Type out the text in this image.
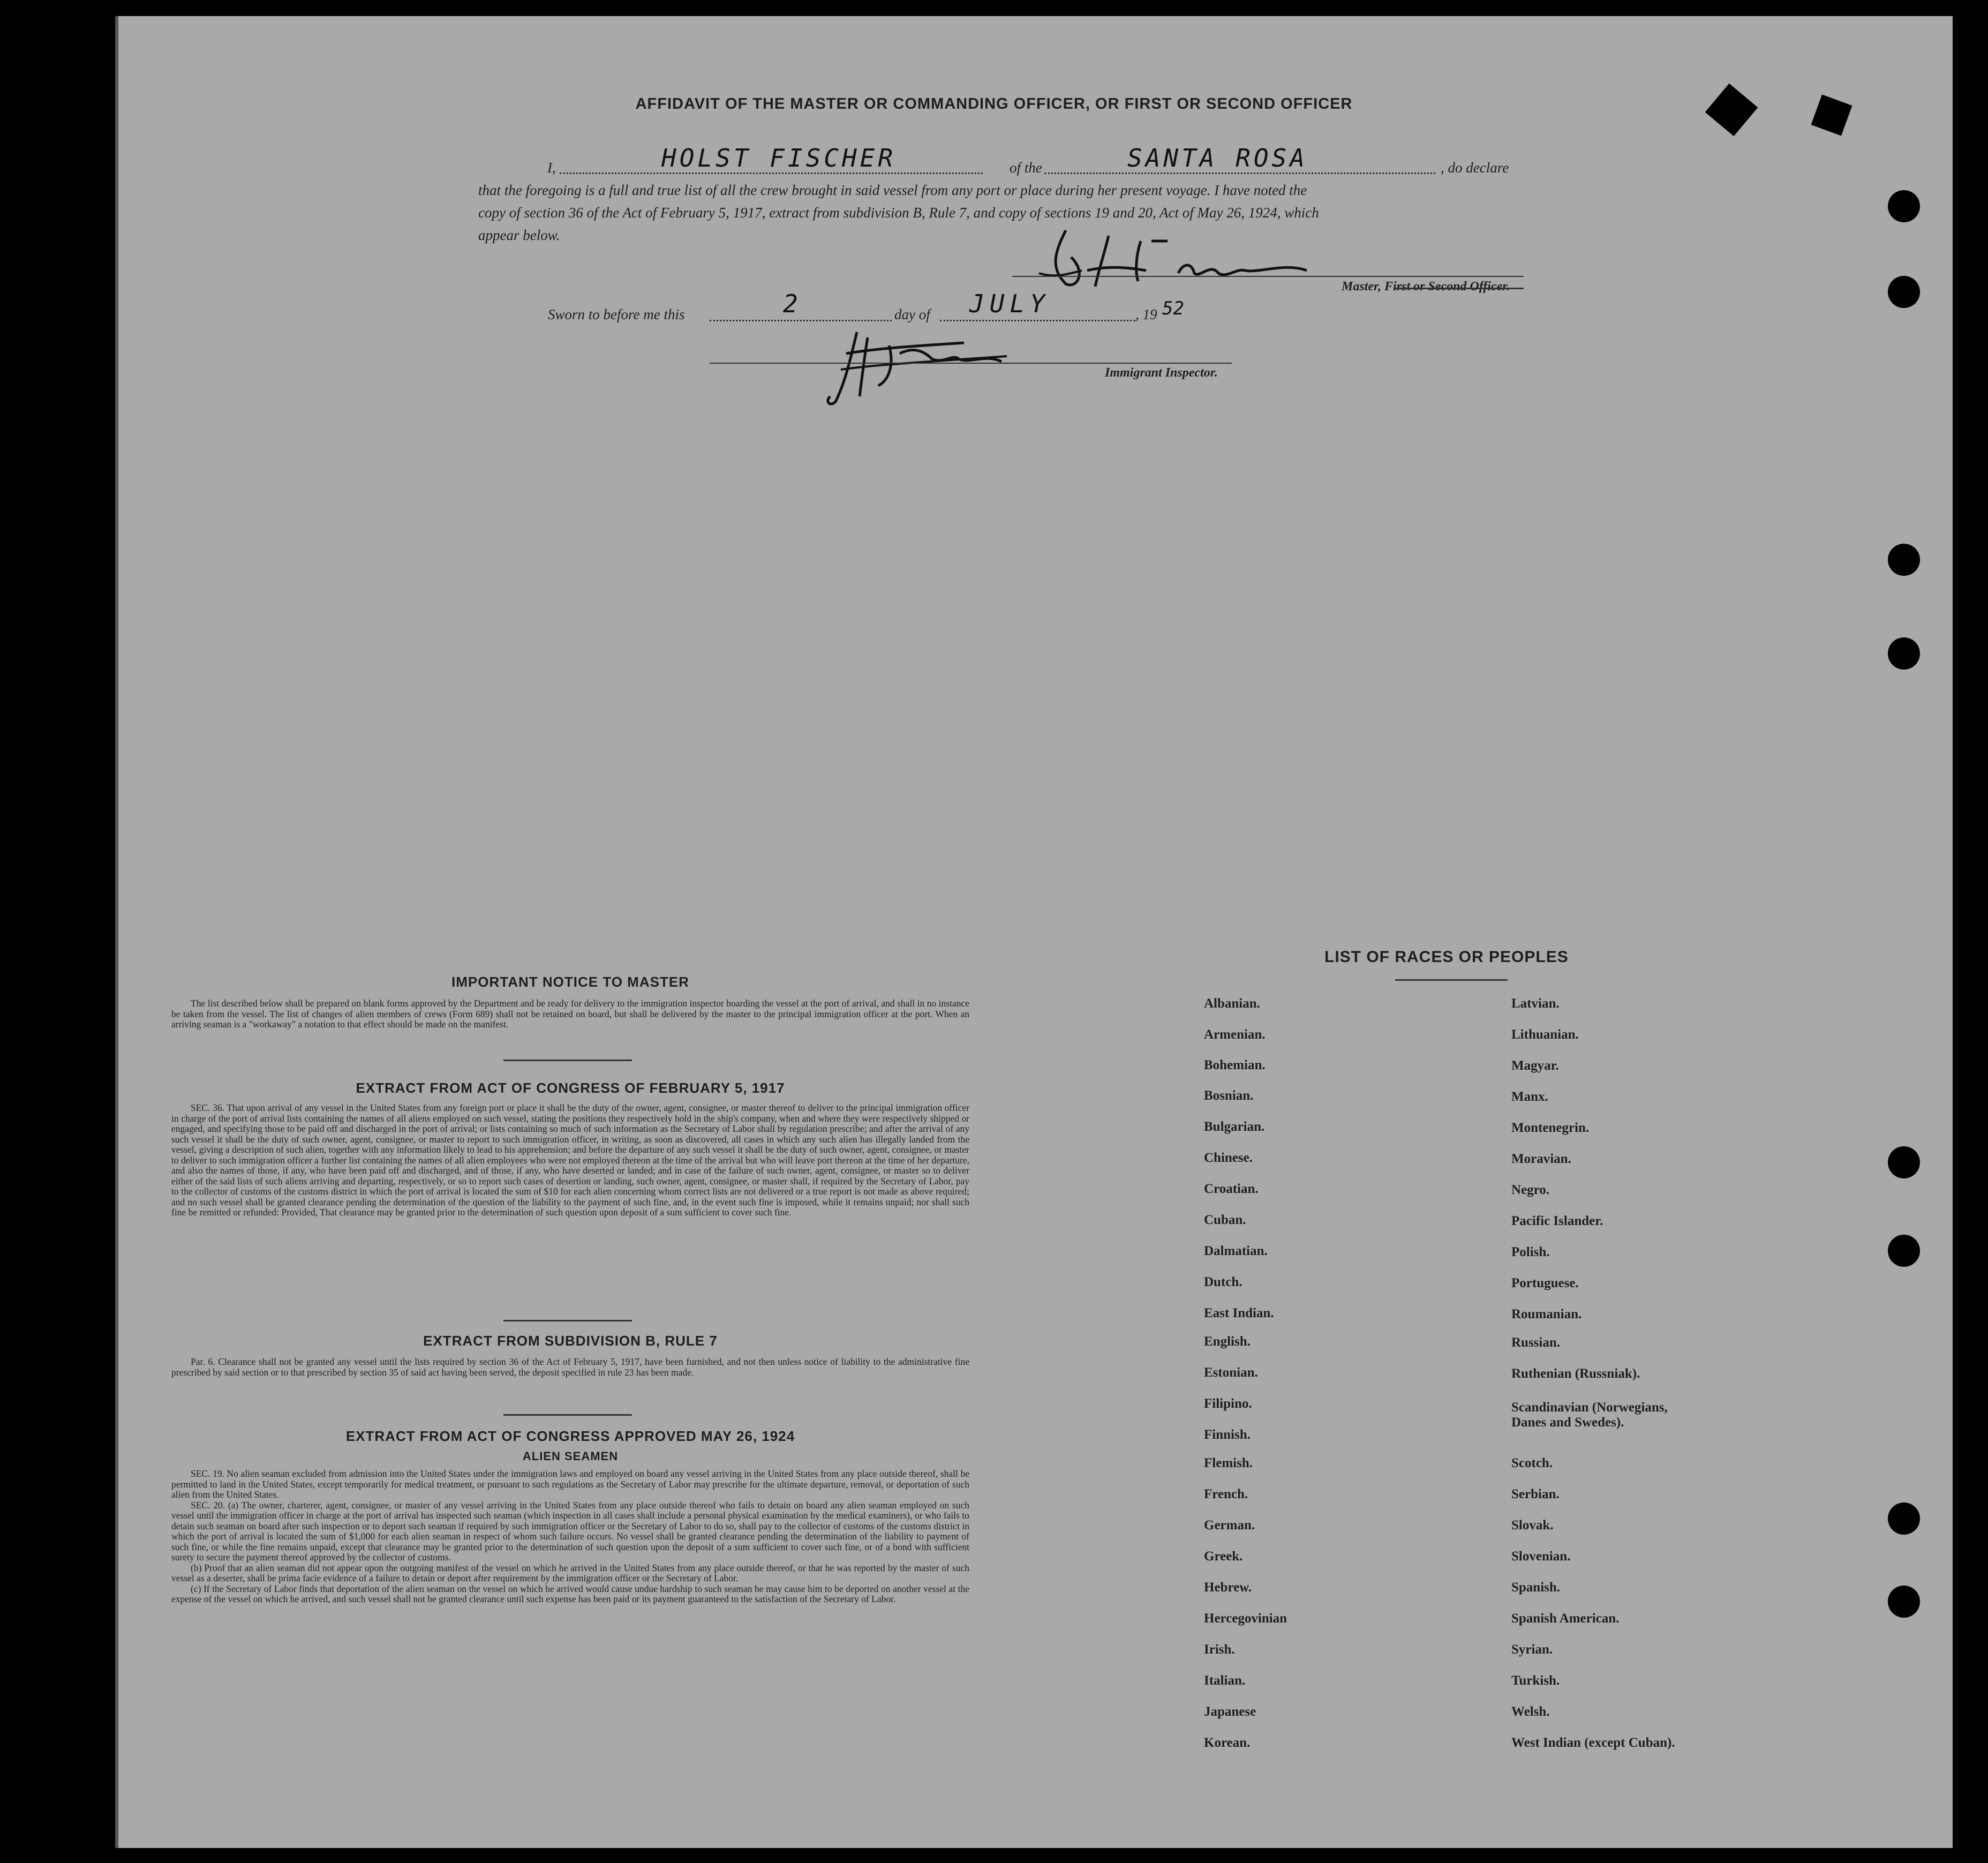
AFFIDAVIT OF THE MASTER OR COMMANDING OFFICER, OR FIRST OR SECOND OFFICER
I,	HOLST FISCHER	of the	SANTA ROSA	, do declare
that the foregoing is a full and true list of all the crew brought in said vessel from any port or place during her present voyage. I have noted the
copy of section 36 of the Act of February 5, 1917, extract from subdivision B, Rule 7, and copy of sections 19 and 20, Act of May 26, 1924, which
appear below.
Master, First or Second Officer.
Sworn to before me this	2	day of JULY	, 19 52
Immigrant Inspector.
IMPORTANT NOTICE TO MASTER

The list described below shall be prepared on blank forms approved by the Department and be ready for delivery to the immigration inspector boarding the vessel at the port of arrival, and shall in no instance be taken from the vessel. The list of changes of alien members of crews (Form 689) shall not be retained on board, but shall be delivered by the master to the principal immigration officer at the port. When an arriving seaman is a "workaway" a notation to that effect should be made on the manifest.

EXTRACT FROM ACT OF CONGRESS OF FEBRUARY 5, 1917

SEC. 36. That upon arrival of any vessel in the United States from any foreign port or place it shall be the duty of the owner, agent, consignee, or master thereof to deliver to the principal immigration officer in charge of the port of arrival lists containing the names of all aliens employed on such vessel, stating the positions they respectively hold in the ship's company, when and where they were respectively shipped or engaged, and specifying those to be paid off and discharged in the port of arrival; or lists containing so much of such information as the Secretary of Labor shall by regulation prescribe; and after the arrival of any such vessel it shall be the duty of such owner, agent, consignee, or master to report to such immigration officer, in writing, as soon as discovered, all cases in which any such alien has illegally landed from the vessel, giving a description of such alien, together with any information likely to lead to his apprehension; and before the departure of any such vessel it shall be the duty of such owner, agent, consignee, or master to deliver to such immigration officer a further list containing the names of all alien employees who were not employed thereon at the time of the arrival but who will leave port thereon at the time of her departure, and also the names of those, if any, who have been paid off and discharged, and of those, if any, who have deserted or landed; and in case of the failure of such owner, agent, consignee, or master so to deliver either of the said lists of such aliens arriving and departing, respectively, or so to report such cases of desertion or landing, such owner, agent, consignee, or master shall, if required by the Secretary of Labor, pay to the collector of customs of the customs district in which the port of arrival is located the sum of $10 for each alien concerning whom correct lists are not delivered or a true report is not made as above required; and no such vessel shall be granted clearance pending the determination of the question of the liability to the payment of such fine, and, in the event such fine is imposed, while it remains unpaid; nor shall such fine be remitted or refunded: Provided, That clearance may be granted prior to the determination of such question upon deposit of a sum sufficient to cover such fine.

EXTRACT FROM SUBDIVISION B, RULE 7

Par. 6. Clearance shall not be granted any vessel until the lists required by section 36 of the Act of February 5, 1917, have been furnished, and not then unless notice of liability to the administrative fine prescribed by said section or to that prescribed by section 35 of said act having been served, the deposit specified in rule 23 has been made.

EXTRACT FROM ACT OF CONGRESS APPROVED MAY 26, 1924
ALIEN SEAMEN

SEC. 19. No alien seaman excluded from admission into the United States under the immigration laws and employed on board any vessel arriving in the United States from any place outside thereof, shall be permitted to land in the United States, except temporarily for medical treatment, or pursuant to such regulations as the Secretary of Labor may prescribe for the ultimate departure, removal, or deportation of such alien from the United States.

SEC. 20. (a) The owner, charterer, agent, consignee, or master of any vessel arriving in the United States from any place outside thereof who fails to detain on board any alien seaman employed on such vessel until the immigration officer in charge at the port of arrival has inspected such seaman (which inspection in all cases shall include a personal physical examination by the medical examiners), or who fails to detain such seaman on board after such inspection or to deport such seaman if required by such immigration officer or the Secretary of Labor to do so, shall pay to the collector of customs of the customs district in which the port of arrival is located the sum of $1,000 for each alien seaman in respect of whom such failure occurs. No vessel shall be granted clearance pending the determination of the liability to payment of such fine, or while the fine remains unpaid, except that clearance may be granted prior to the determination of such question upon the deposit of a sum sufficient to cover such fine, or of a bond with sufficient surety to secure the payment thereof approved by the collector of customs.

(b) Proof that an alien seaman did not appear upon the outgoing manifest of the vessel on which he arrived in the United States from any place outside thereof, or that he was reported by the master of such vessel as a deserter, shall be prima facie evidence of a failure to detain or deport after requirement by the immigration officer or the Secretary of Labor.

(c) If the Secretary of Labor finds that deportation of the alien seaman on the vessel on which he arrived would cause undue hardship to such seaman he may cause him to be deported on another vessel at the expense of the vessel on which he arrived, and such vessel shall not be granted clearance until such expense has been paid or its payment guaranteed to the satisfaction of the Secretary of Labor.

LIST OF RACES OR PEOPLES
Albanian.
Armenian.
Bohemian.
Bosnian.
Bulgarian.
Chinese.
Croatian.
Cuban.
Dalmatian.
Dutch.
East Indian.
English.
Estonian.
Filipino.
Finnish.
Flemish.
French.
German.
Greek.
Hebrew.
Hercegovinian
Irish.
Italian.
Japanese
Korean.
Latvian.
Lithuanian.
Magyar.
Manx.
Montenegrin.
Moravian.
Negro.
Pacific Islander.
Polish.
Portuguese.
Roumanian.
Russian.
Ruthenian (Russniak).
Scandinavian (Norwegians, Danes and Swedes).
Scotch.
Serbian.
Slovak.
Slovenian.
Spanish.
Spanish American.
Syrian.
Turkish.
Welsh.
West Indian (except Cuban).
